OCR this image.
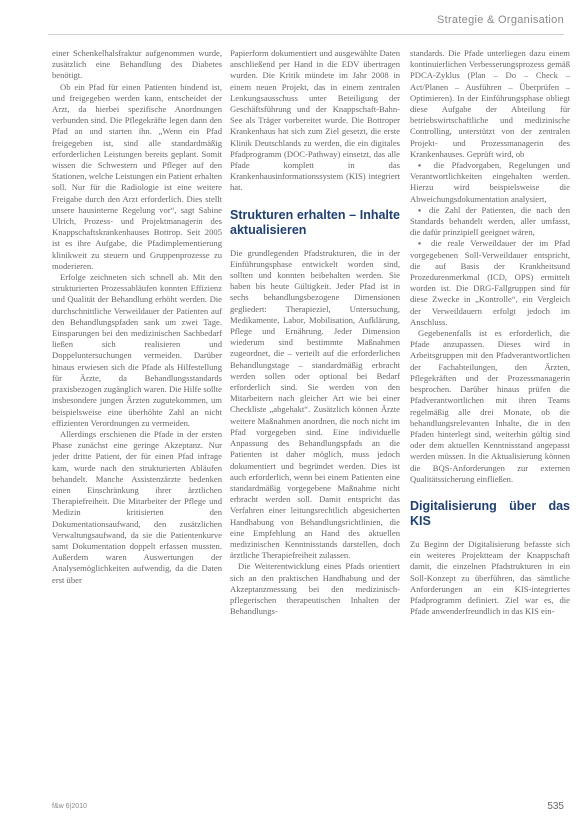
Strategie & Organisation

einer Schenkelhalsfraktur aufgenommen wurde, zusätzlich eine Behandlung des Diabetes benötigt.

Ob ein Pfad für einen Patienten bindend ist, und freigegeben werden kann, entscheidet der Arzt, da hierbei spezifische Anordnungen verbunden sind. Die Pflegekräfte legen dann den Pfad an und starten ihn. „Wenn ein Pfad freigegeben ist, sind alle standardmäßig erforderlichen Leistungen bereits geplant. Somit wissen die Schwestern und Pfleger auf den Stationen, welche Leistungen ein Patient erhalten soll. Nur für die Radiologie ist eine weitere Freigabe durch den Arzt erforderlich. Dies stellt unsere hausinterne Regelung vor“, sagt Sabine Ulrich, Prozess- und Projektmanagerin des Knappschaftskrankenhauses Bottrop. Seit 2005 ist es ihre Aufgabe, die Pfadimplementierung klinikweit zu steuern und Gruppenprozesse zu moderieren.

Erfolge zeichneten sich schnell ab. Mit den strukturierten Prozessabläufen konnten Effizienz und Qualität der Behandlung erhöht werden. Die durchschnittliche Verweildauer der Patienten auf den Behandlungspfaden sank um zwei Tage. Einsparungen bei den medizinischen Sachbedarf ließen sich realisieren und Doppeluntersuchungen vermeiden. Darüber hinaus erwiesen sich die Pfade als Hilfestellung für Ärzte, da Behandlungsstandards praxisbezogen zugänglich waren. Die Hilfe sollte insbesondere jungen Ärzten zugutekommen, um beispielsweise eine überhöhte Zahl an nicht effizienten Verordnungen zu vermeiden.

Allerdings erschienen die Pfade in der ersten Phase zunächst eine geringe Akzeptanz. Nur jeder dritte Patient, der für einen Pfad infrage kam, wurde nach den strukturierten Abläufen behandelt. Manche Assistenzärzte bedenken einen Einschränkung ihrer ärztlichen Therapiefreiheit. Die Mitarbeiter der Pflege und Medizin kritisierten den Dokumentationsaufwand, den zusätzlichen Verwaltungsaufwand, da sie die Patientenkurve samt Dokumentation doppelt erfassen mussten. Außerdem waren Auswertungen der Analysemöglichkeiten aufwendig, da die Daten erst über

Papierform dokumentiert und ausgewählte Daten anschließend per Hand in die EDV übertragen wurden. Die Kritik mündete im Jahr 2008 in einem neuen Projekt, das in einem zentralen Lenkungsausschuss unter Beteiligung der Geschäftsführung und der Knappschaft-Bahn-See als Träger vorbereitet wurde. Die Bottroper Krankenhaus hat sich zum Ziel gesetzt, die erste Klinik Deutschlands zu werden, die ein digitales Pfadprogramm (DOC-Pathway) einsetzt, das alle Pfade komplett in das Krankenhausinformationssystem (KIS) integriert hat.

Strukturen erhalten – Inhalte aktualisieren

Die grundlegenden Pfadstrukturen, die in der Einführungsphase entwickelt worden sind, sollten und konnten beibehalten werden. Sie haben bis heute Gültigkeit. Jeder Pfad ist in sechs behandlungsbezogene Dimensionen gegliedert: Therapieziel, Untersuchung, Medikamente, Labor, Mobilisation, Aufklärung, Pflege und Ernährung. Jeder Dimension wiederum sind bestimmte Maßnahmen zugeordnet, die – verteilt auf die erforderlichen Behandlungstage – standardmäßig erbracht werden sollen oder optional bei Bedarf erforderlich sind. Sie werden von den Mitarbeitern nach gleicher Art wie bei einer Checkliste „abgehakt“. Zusätzlich können Ärzte weitere Maßnahmen anordnen, die noch nicht im Pfad vorgegeben sind. Eine individuelle Anpassung des Behandlungspfads an die Patienten ist daher möglich, muss jedoch dokumentiert und begründet werden. Dies ist auch erforderlich, wenn bei einem Patienten eine standardmäßig vorgegebene Maßnahme nicht erbracht werden soll. Damit entspricht das Verfahren einer leitungsrechtlich abgesicherten Handhabung von Behandlungsrichtlinien, die eine Empfehlung an Hand des aktuellen medizinischen Kenntnisstands darstellen, doch ärztliche Therapiefreiheit zulassen.

Die Weiterentwicklung eines Pfads orientiert sich an den praktischen Handhabung und der Akzeptanzmessung bei den medizinisch-pflegerischen therapeutischen Inhalten der Behandlungs-

standards. Die Pfade unterliegen dazu einem kontinuierlichen Verbesserungsprozess gemäß PDCA-Zyklus (Plan – Do – Check – Act/Planen – Ausführen – Überprüfen – Optimieren). In der Einführungsphase obliegt diese Aufgabe der Abteilung für betriebswirtschaftliche und medizinische Controlling, unterstützt von der zentralen Projekt- und Prozessmanagerin des Krankenhauses. Geprüft wird, ob

▪ die Pfadvorgaben, Regelungen und Verantwortlichkeiten eingehalten werden. Hierzu wird beispielsweise die Abweichungsdokumentation analysiert,

▪ die Zahl der Patienten, die nach den Standards behandelt werden, aller umfasst, die dafür prinzipiell geeignet wären,

▪ die reale Verweildauer der im Pfad vorgegebenen Soll-Verweildauer entspricht, die auf Basis der Krankheitsund Prozedurenmerkmal (ICD, OPS) ermittelt worden ist. Die DRG-Fallgruppen sind für diese Zwecke in „Kontrolle“, ein Vergleich der Verweildauern erfolgt jedoch im Anschluss.

Gegebenenfalls ist es erforderlich, die Pfade anzupassen. Dieses wird in Arbeitsgruppen mit den Pfadverantwortlichen der Fachabteilungen, den Ärzten, Pflegekräften und der Prozessmanagerin besprochen. Darüber hinaus prüfen die Pfadverantwortlichen mit ihren Teams regelmäßig alle drei Monate, ob die behandlungsrelevanten Inhalte, die in den Pfaden hinterlegt sind, weiterhin gültig sind oder dem aktuellen Kenntnisstand angepasst werden müssen. In die Aktualisierung können die BQS-Anforderungen zur externen Qualitätssicherung einfließen.

Digitalisierung über das KIS

Zu Beginn der Digitalisierung befasste sich ein weiteres Projektteam der Knappschaft damit, die einzelnen Pfadstrukturen in ein Soll-Konzept zu überführen, das sämtliche Anforderungen an ein KIS-integriertes Pfadprogramm definiert. Ziel war es, die Pfade anwenderfreundlich in das KIS ein-

f&w 6|2010	535
